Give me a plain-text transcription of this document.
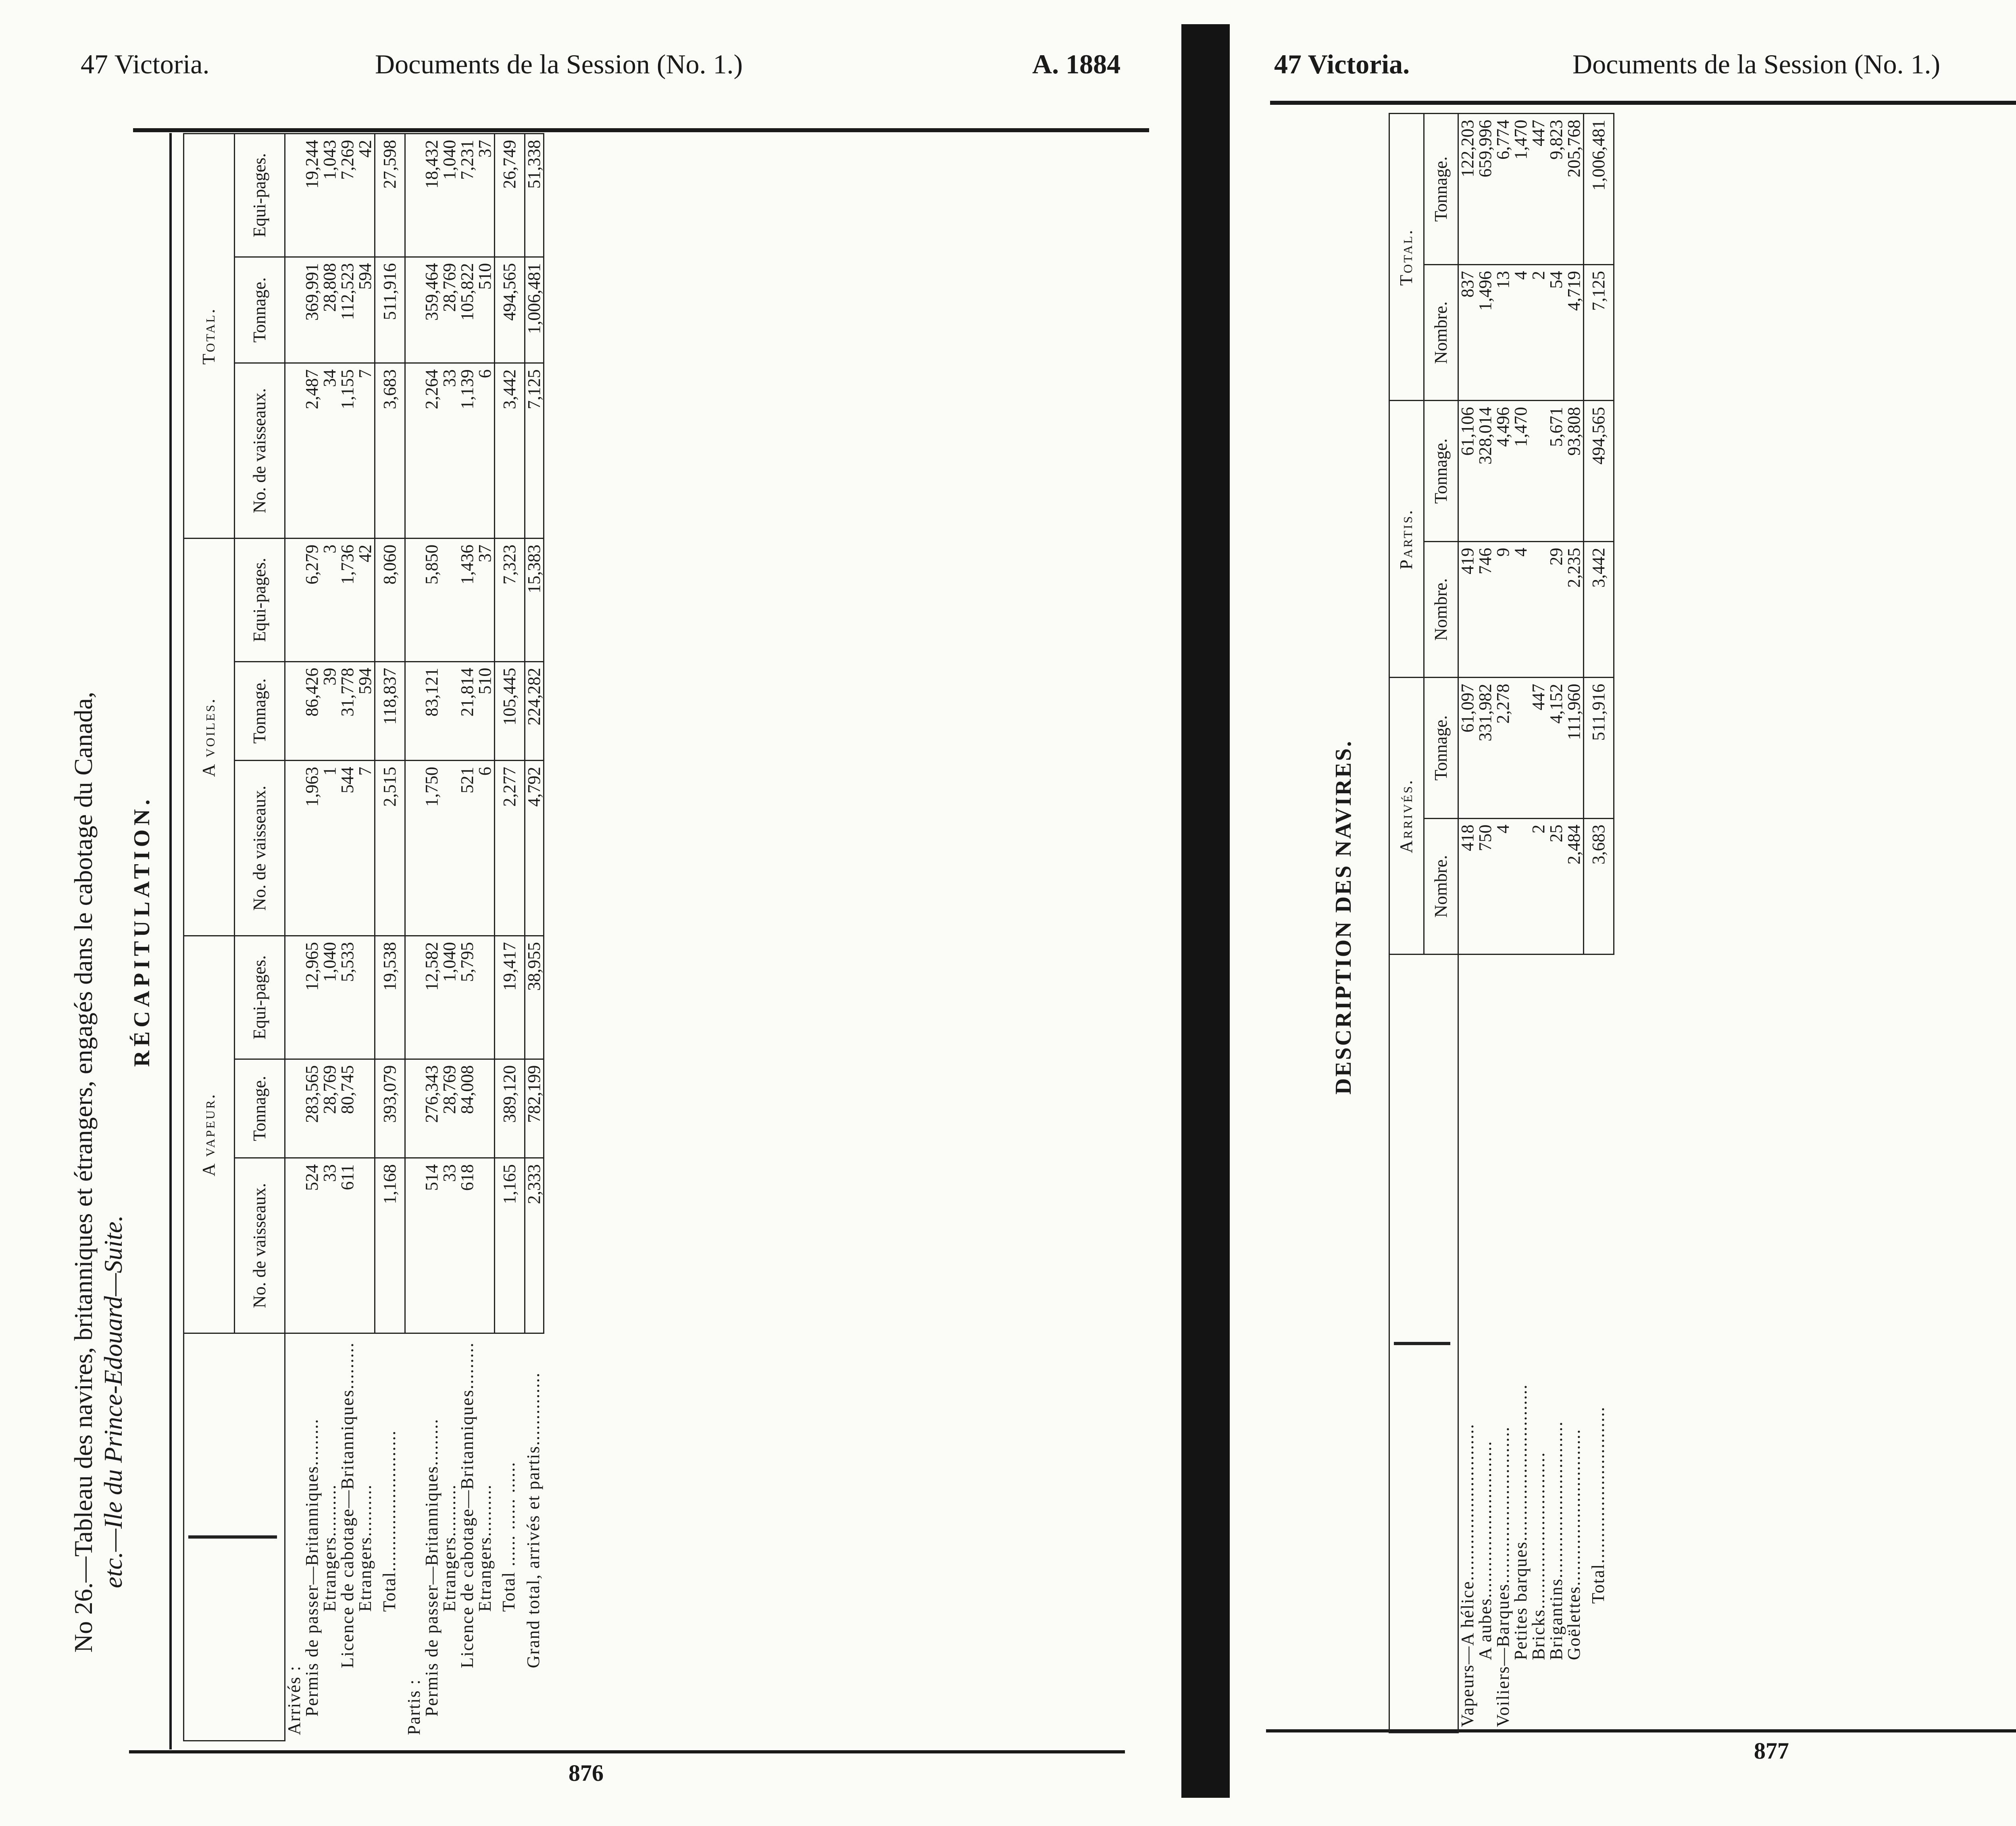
47 Victoria.	Documents de la Session (No. 1.)	A. 1884
876
No 26.—Tableau des navires, britanniques et étrangers, engagés dans le cabotage du Canada, etc.—Ile du Prince-Edouard—Suite.
RÉCAPITULATION.
	A vapeur.			A voiles.			Total.		
	No. de vaisseaux.	Tonnage.	Equi-pages.	No. de vaisseaux.	Tonnage.	Equi-pages.	No. de vaisseaux.	Tonnage.	Equi-pages.
Arrivés :									
Permis de passer—Britanniques.........	524	283,565	12,965	1,963	86,426	6,279	2,487	369,991	19,244
Etrangers..........	33	28,769	1,040	1	39	3	34	28,808	1,043
Licence de cabotage—Britanniques.........	611	80,745	5,533	544	31,778	1,736	1,155	112,523	7,269
Etrangers..........				7	594	42	7	594	42
Total...........................	1,168	393,079	19,538	2,515	118,837	8,060	3,683	511,916	27,598
Partis :									
Permis de passer—Britanniques.........	514	276,343	12,582	1,750	83,121	5,850	2,264	359,464	18,432
Etrangers..........	33	28,769	1,040				33	28,769	1,040
Licence de cabotage—Britanniques.........	618	84,008	5,795	521	21,814	1,436	1,139	105,822	7,231
Etrangers..........				6	510	37	6	510	37
Total ...... ...... ......	1,165	389,120	19,417	2,277	105,445	7,323	3,442	494,565	26,749
Grand total, arrivés et partis..............	2,333	782,199	38,955	4,792	224,282	15,383	7,125	1,006,481	51,338
47 Victoria.	Documents de la Session (No. 1.)
877
DESCRIPTION DES NAVIRES.
	Arrivés.		Partis.		Total.	
	Nombre.	Tonnage.	Nombre.	Tonnage.	Nombre.	Tonnage.
Vapeurs—A hélice..............................	418	61,097	419	61,106	837	122,203
A aubes..............................	750	331,982	746	328,014	1,496	659,996
Voiliers—Barques..............................	4	2,278	9	4,496	13	6,774
Petites barques..............................			4	1,470	4	1,470
Bricks..............................	2	447			2	447
Brigantins..............................	25	4,152	29	5,671	54	9,823
Goëlettes..............................	2,484	111,960	2,235	93,808	4,719	205,768
Total..............................	3,683	511,916	3,442	494,565	7,125	1,006,481
